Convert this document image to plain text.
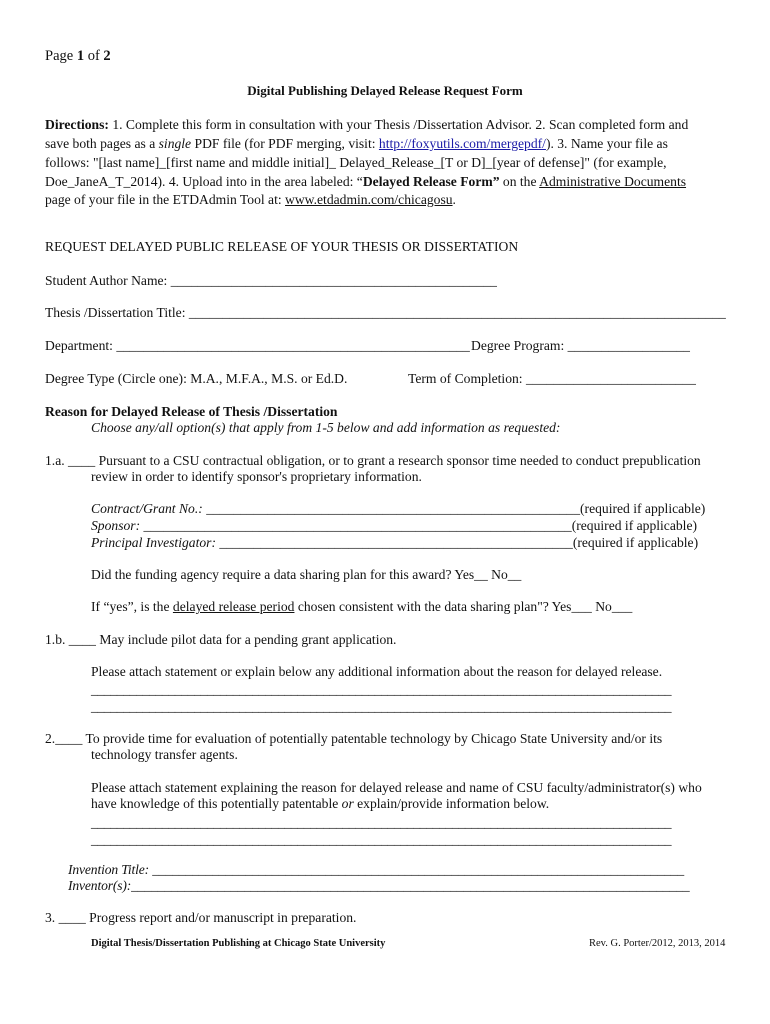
Page 1 of 2
Digital Publishing Delayed Release Request Form
Directions: 1. Complete this form in consultation with your Thesis /Dissertation Advisor. 2. Scan completed form and
save both pages as a single PDF file (for PDF merging, visit: http://foxyutils.com/mergepdf/). 3. Name your file as
follows: "[last name]_[first name and middle initial]_ Delayed_Release_[T or D]_[year of defense]" (for example,
Doe_JaneA_T_2014). 4. Upload into in the area labeled: “Delayed Release Form” on the Administrative Documents
page of your file in the ETDAdmin Tool at: www.etdadmin.com/chicagosu.
REQUEST DELAYED PUBLIC RELEASE OF YOUR THESIS OR DISSERTATION
Student Author Name: ________________________________________________
Thesis /Dissertation Title: _______________________________________________________________________________
Department: ____________________________________________________ Degree Program: __________________
Degree Type (Circle one): M.A., M.F.A., M.S. or Ed.D.	Term of Completion: _________________________
Reason for Delayed Release of Thesis /Dissertation
Choose any/all option(s) that apply from 1-5 below and add information as requested:
1.a. ____ Pursuant to a CSU contractual obligation, or to grant a research sponsor time needed to conduct prepublication
review in order to identify sponsor's proprietary information.
Contract/Grant No.: _______________________________________________________(required if applicable)
Sponsor: _______________________________________________________________(required if applicable)
Principal Investigator: ____________________________________________________(required if applicable)
Did the funding agency require a data sharing plan for this award? Yes__ No__
If “yes”, is the delayed release period chosen consistent with the data sharing plan"? Yes___ No___
1.b. ____ May include pilot data for a pending grant application.
Please attach statement or explain below any additional information about the reason for delayed release.
__________________________________________________________________________________________
__________________________________________________________________________________________
2.____ To provide time for evaluation of potentially patentable technology by Chicago State University and/or its
technology transfer agents.
Please attach statement explaining the reason for delayed release and name of CSU faculty/administrator(s) who
have knowledge of this potentially patentable or explain/provide information below.
__________________________________________________________________________________________
__________________________________________________________________________________________
Invention Title: ________________________________________________________________________________
Inventor(s):____________________________________________________________________________________
3. ____ Progress report and/or manuscript in preparation.
Digital Thesis/Dissertation Publishing at Chicago State University	Rev. G. Porter/2012, 2013, 2014
